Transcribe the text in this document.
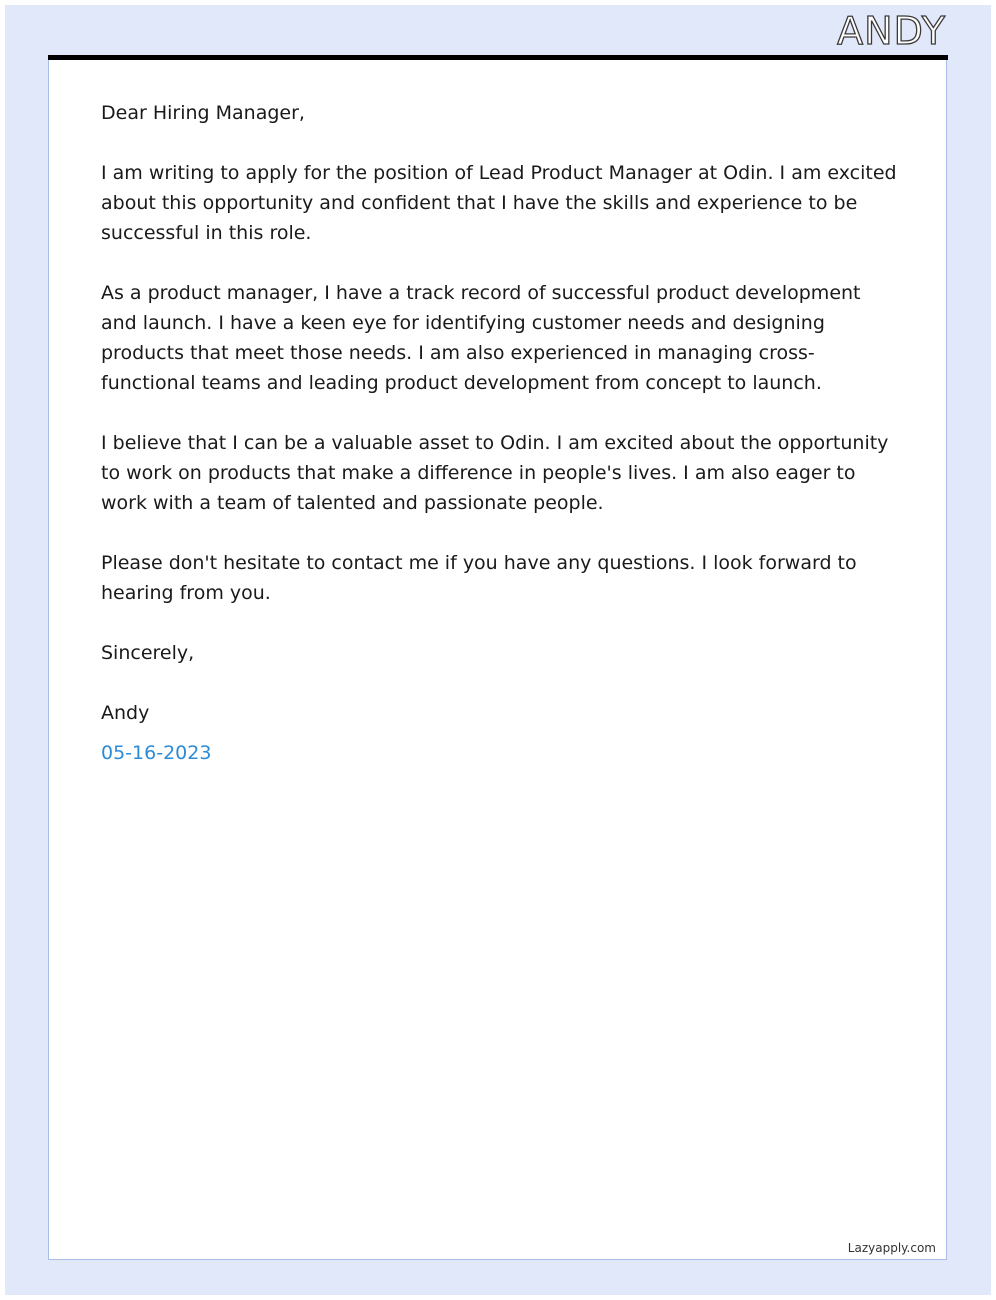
ANDY

Dear Hiring Manager,

I am writing to apply for the position of Lead Product Manager at Odin. I am excited about this opportunity and confident that I have the skills and experience to be successful in this role.

As a product manager, I have a track record of successful product development and launch. I have a keen eye for identifying customer needs and designing products that meet those needs. I am also experienced in managing cross-functional teams and leading product development from concept to launch.

I believe that I can be a valuable asset to Odin. I am excited about the opportunity to work on products that make a difference in people's lives. I am also eager to work with a team of talented and passionate people.

Please don't hesitate to contact me if you have any questions. I look forward to hearing from you.

Sincerely,

Andy

05-16-2023

Lazyapply.com
